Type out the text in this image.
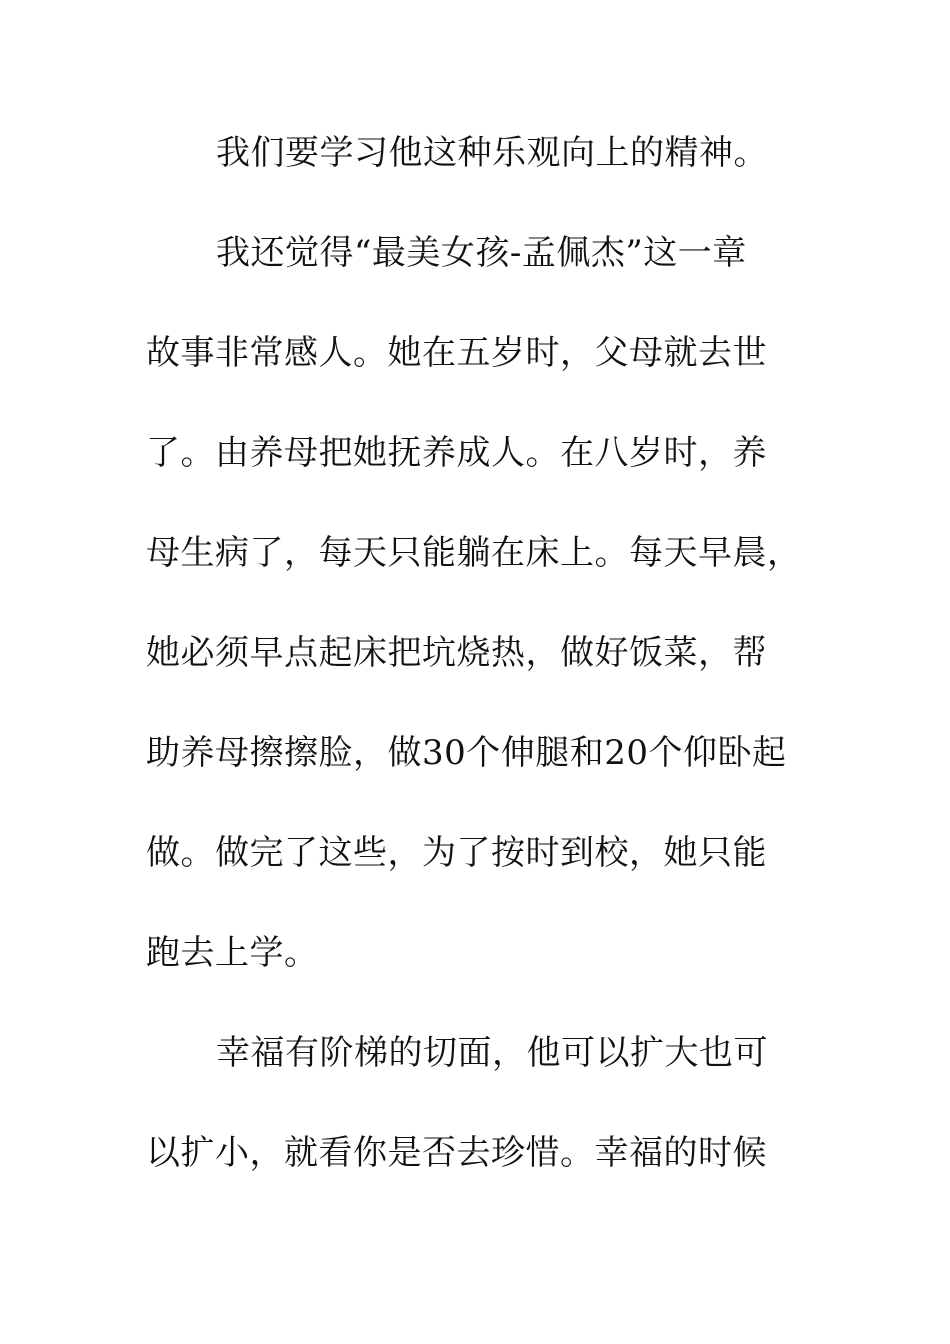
我们要学习他这种乐观向上的精神。
我还觉得“最美女孩-孟佩杰”这一章
故事非常感人。她在五岁时，父母就去世
了。由养母把她抚养成人。在八岁时，养
母生病了，每天只能躺在床上。每天早晨，
她必须早点起床把坑烧热，做好饭菜，帮
助养母擦擦脸，做30个伸腿和20个仰卧起
做。做完了这些，为了按时到校，她只能
跑去上学。
幸福有阶梯的切面，他可以扩大也可
以扩小，就看你是否去珍惜。幸福的时候
